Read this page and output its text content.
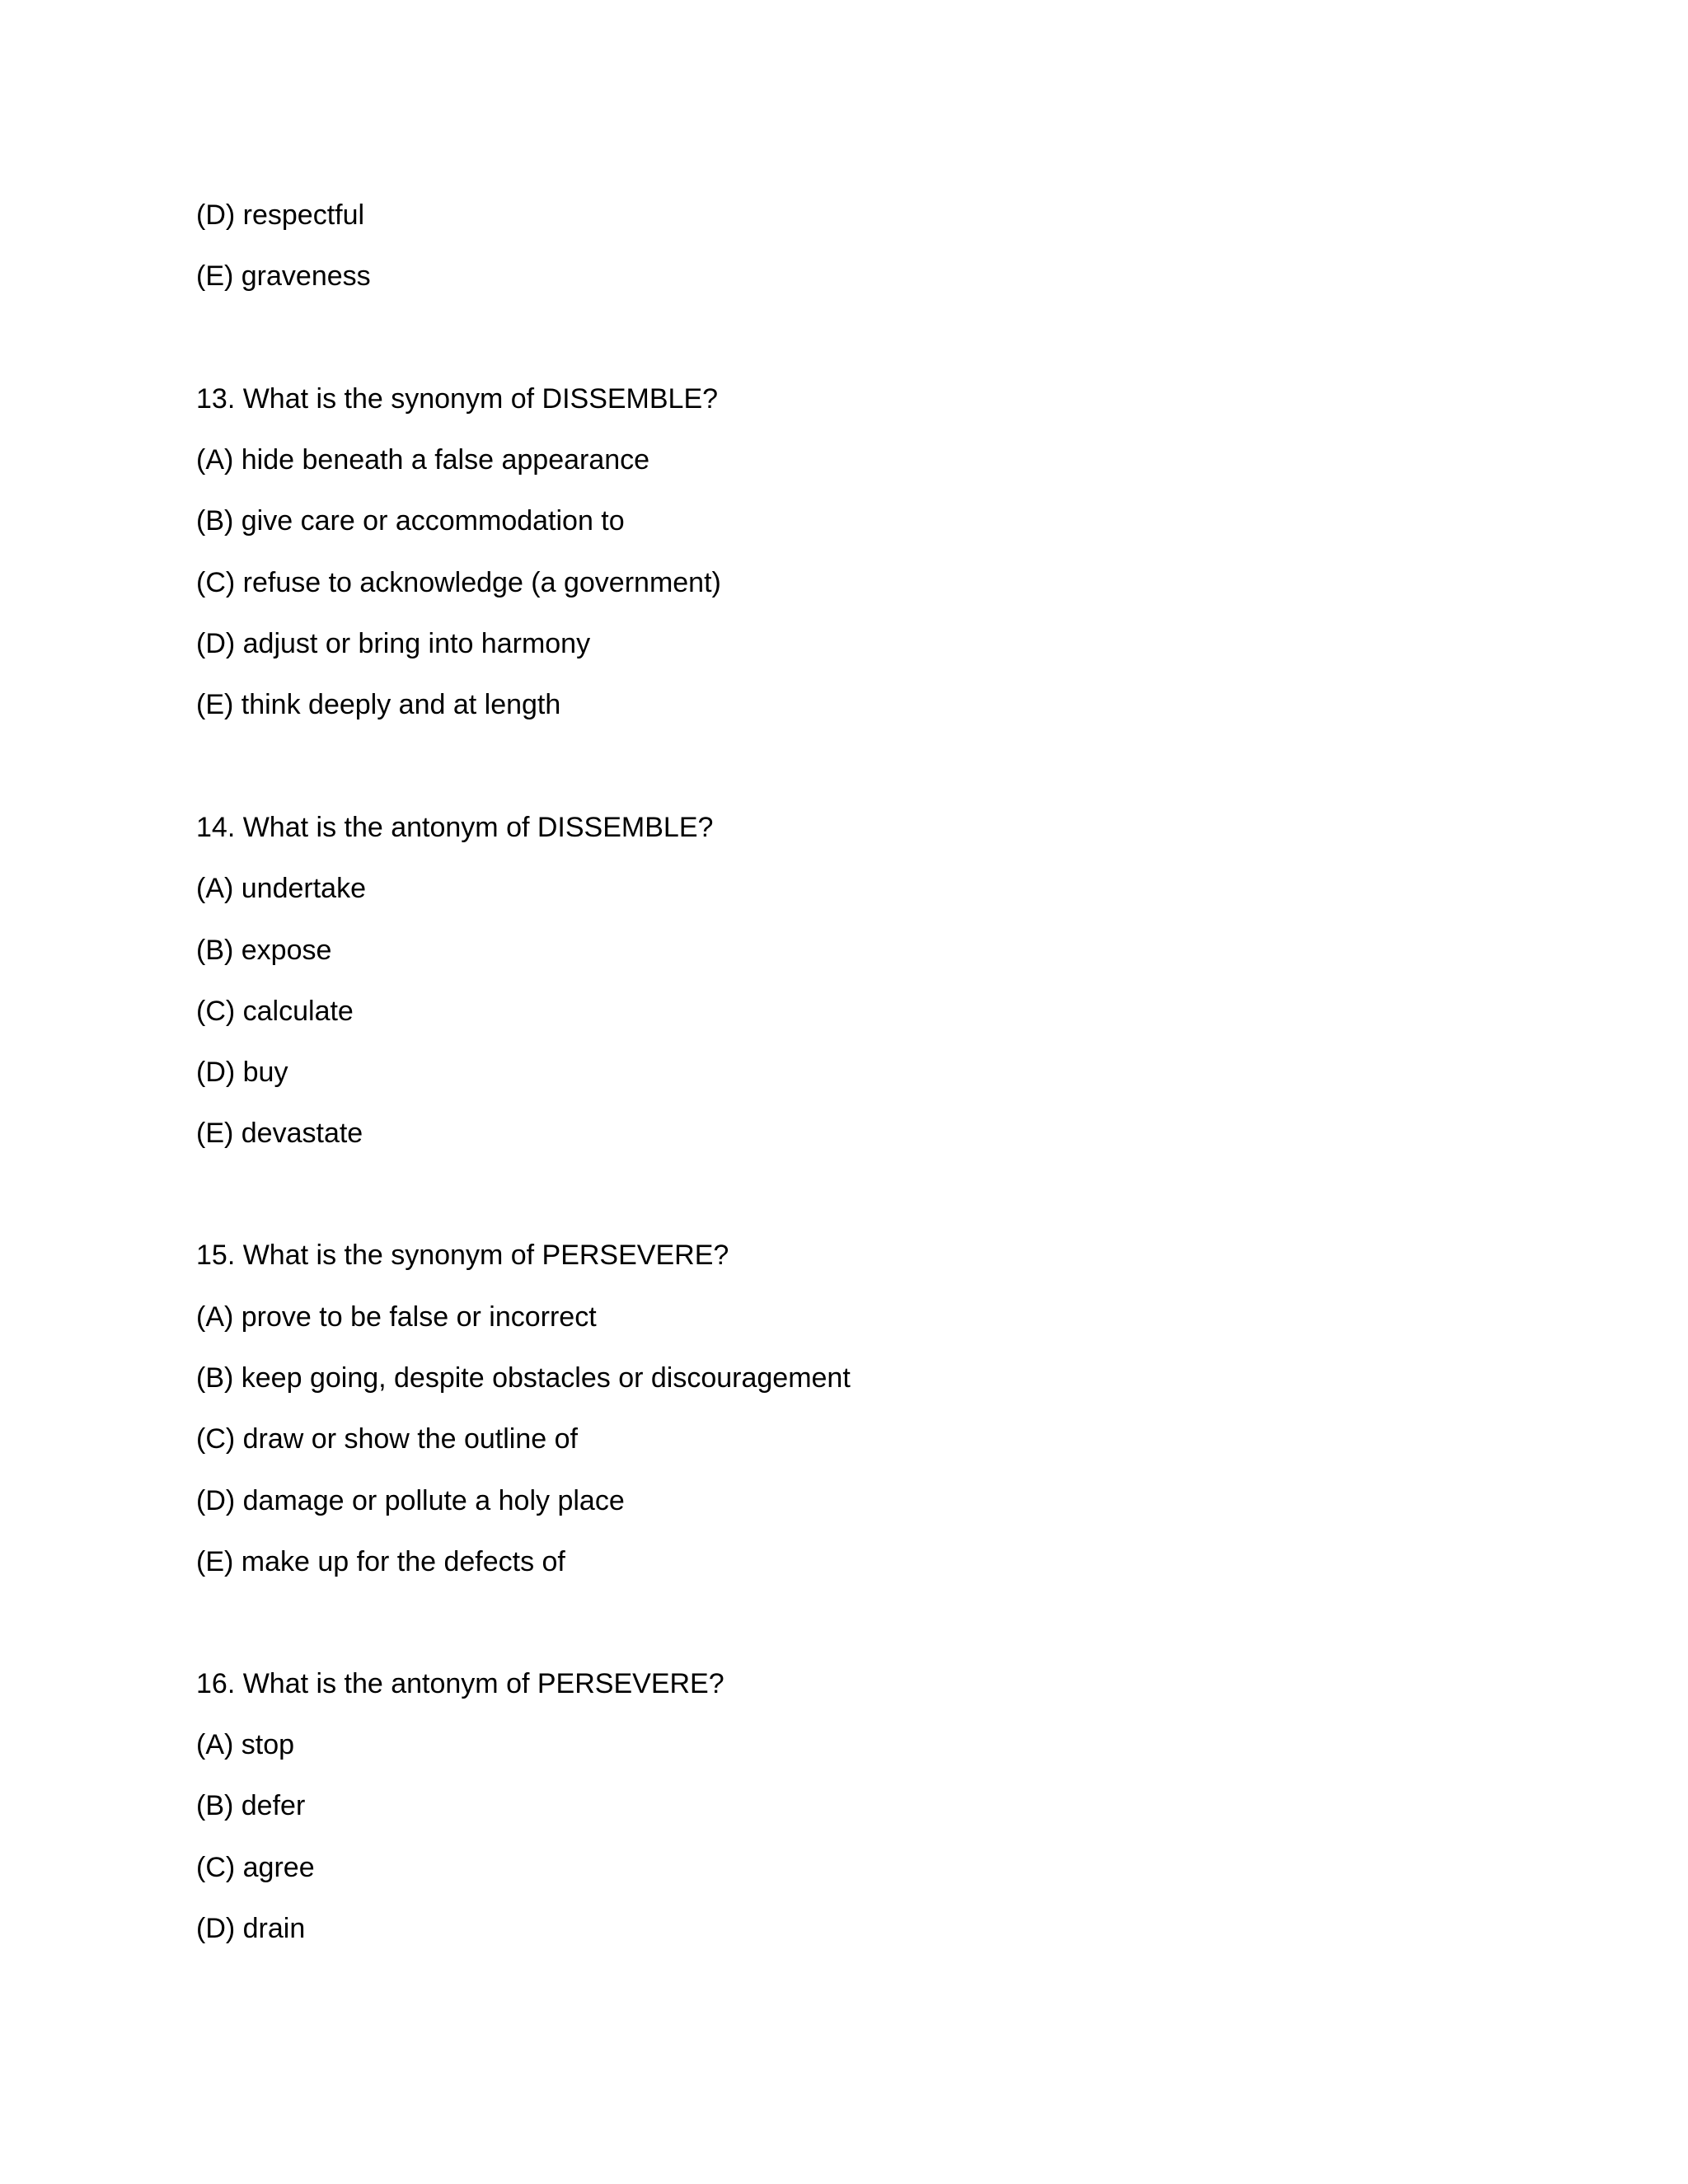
(D) respectful
(E) graveness
13. What is the synonym of DISSEMBLE?
(A) hide beneath a false appearance
(B) give care or accommodation to
(C) refuse to acknowledge (a government)
(D) adjust or bring into harmony
(E) think deeply and at length
14. What is the antonym of DISSEMBLE?
(A) undertake
(B) expose
(C) calculate
(D) buy
(E) devastate
15. What is the synonym of PERSEVERE?
(A) prove to be false or incorrect
(B) keep going, despite obstacles or discouragement
(C) draw or show the outline of
(D) damage or pollute a holy place
(E) make up for the defects of
16. What is the antonym of PERSEVERE?
(A) stop
(B) defer
(C) agree
(D) drain
